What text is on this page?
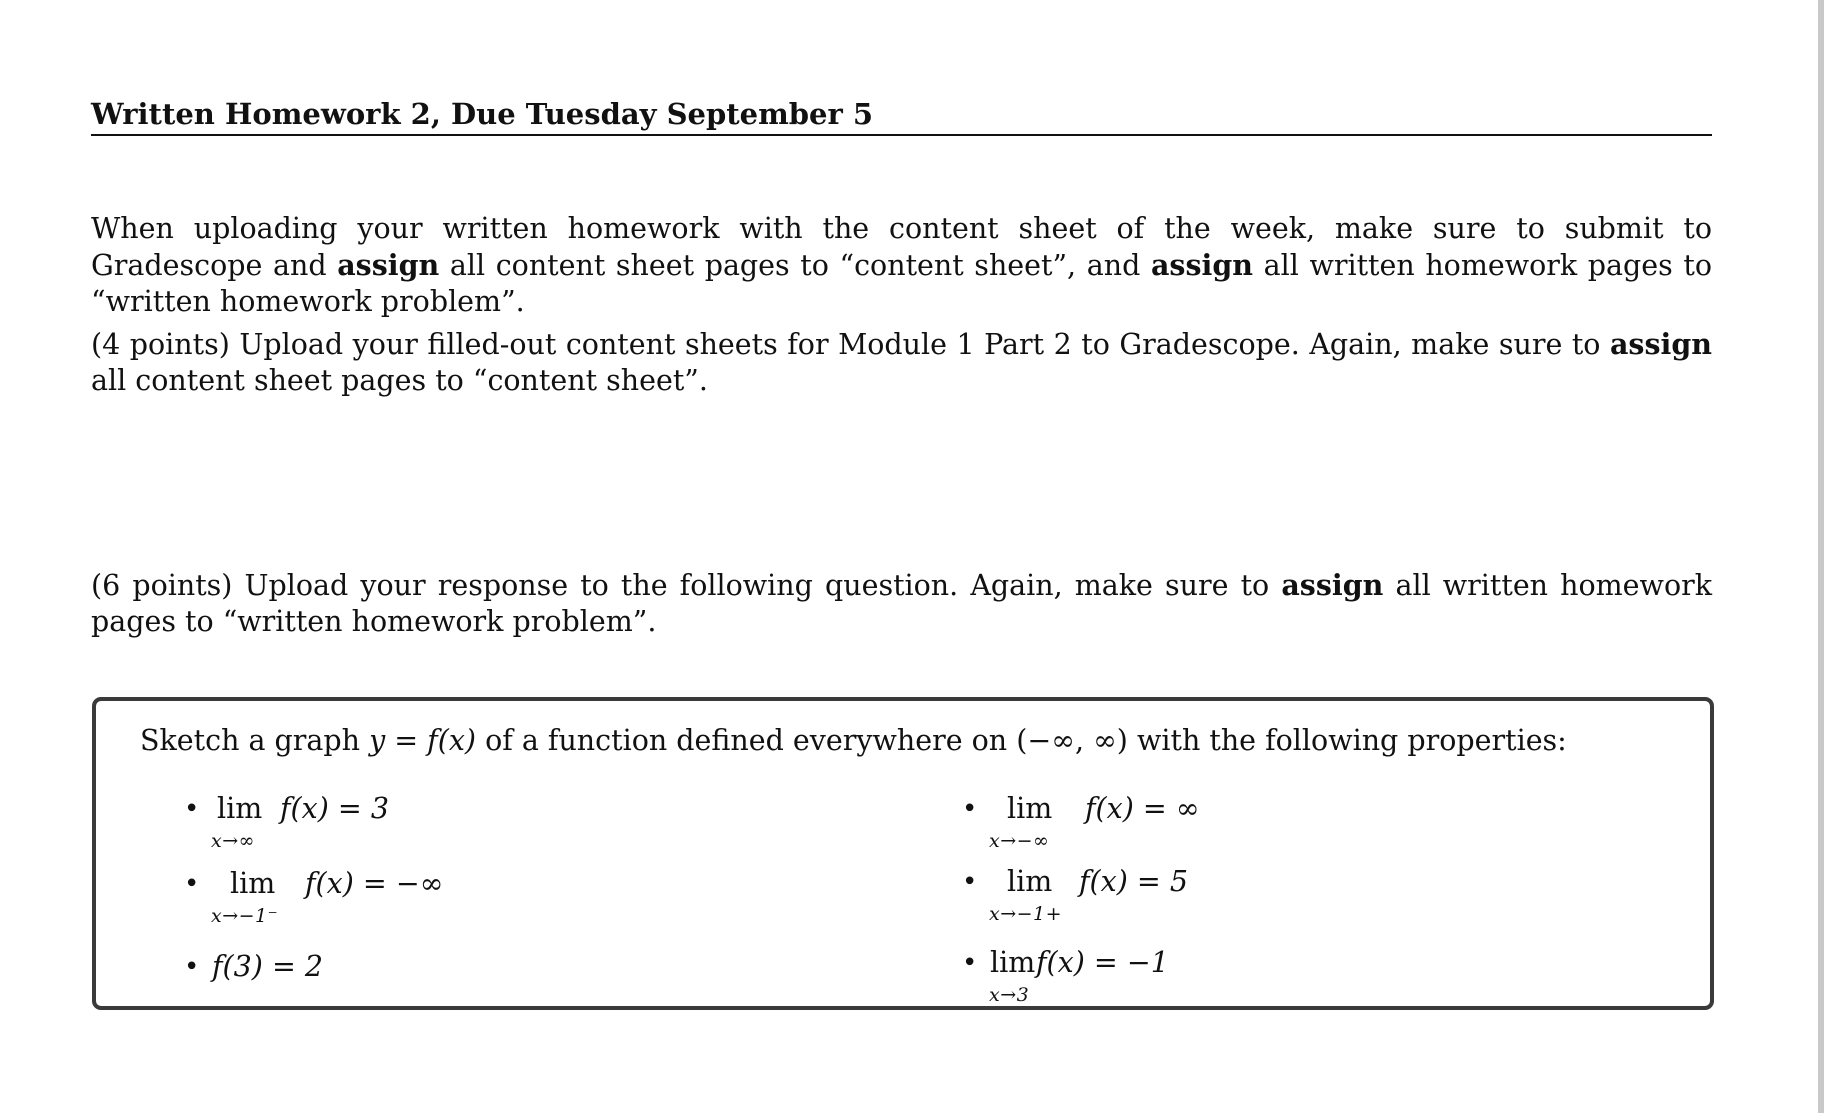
Written Homework 2, Due Tuesday September 5
When uploading your written homework with the content sheet of the week, make sure to submit to Gradescope and assign all content sheet pages to “content sheet”, and assign all written homework pages to “written homework problem”.
(4 points) Upload your filled-out content sheets for Module 1 Part 2 to Gradescope. Again, make sure to assign all content sheet pages to “content sheet”.
(6 points) Upload your response to the following question. Again, make sure to assign all written homework pages to “written homework problem”.
Sketch a graph y = f(x) of a function defined everywhere on (−∞, ∞) with the following properties:
• lim
x→∞
f(x) = 3	• lim
x→−∞
f(x) = ∞
• lim
x→−1⁻
f(x) = −∞	• lim
x→−1+
f(x) = 5
• f(3) = 2	• lim
x→3
f(x) = −1
